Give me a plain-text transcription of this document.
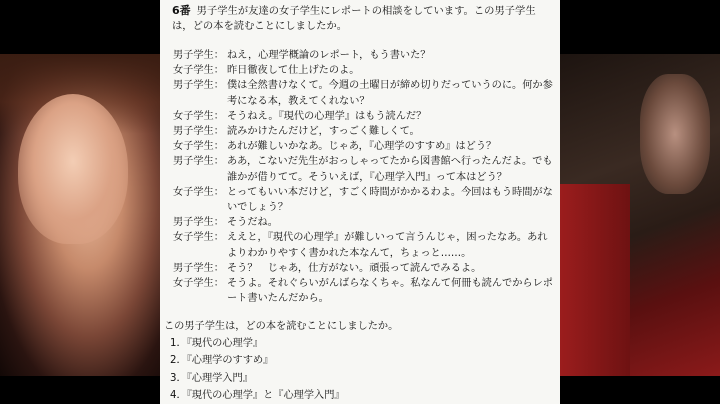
6番 男子学生が友達の女子学生にレポートの相談をしています。この男子学生は，どの本を読むことにしましたか。
男子学生： ねえ，心理学概論のレポート，もう書いた？
女子学生： 昨日徹夜して仕上げたのよ。
男子学生： 僕は全然書けなくて。今週の土曜日が締め切りだっていうのに。何か参考になる本，教えてくれない？
女子学生： そうねえ。『現代の心理学』はもう読んだ？
男子学生： 読みかけたんだけど，すっごく難しくて。
女子学生： あれが難しいかなあ。じゃあ，『心理学のすすめ』はどう？
男子学生： ああ，こないだ先生がおっしゃってたから図書館へ行ったんだよ。でも誰かが借りてて。そういえば，『心理学入門』って本はどう？
女子学生： とってもいい本だけど，すごく時間がかかるわよ。今回はもう時間がないでしょう？
男子学生： そうだね。
女子学生： ええと，『現代の心理学』が難しいって言うんじゃ，困ったなあ。あれよりわかりやすく書かれた本なんて，ちょっと……。
男子学生： そう？　じゃあ，仕方がない。頑張って読んでみるよ。
女子学生： そうよ。それぐらいがんばらなくちゃ。私なんて何冊も読んでからレポート書いたんだから。
この男子学生は，どの本を読むことにしましたか。
1．『現代の心理学』
2．『心理学のすすめ』
3．『心理学入門』
4．『現代の心理学』と『心理学入門』
